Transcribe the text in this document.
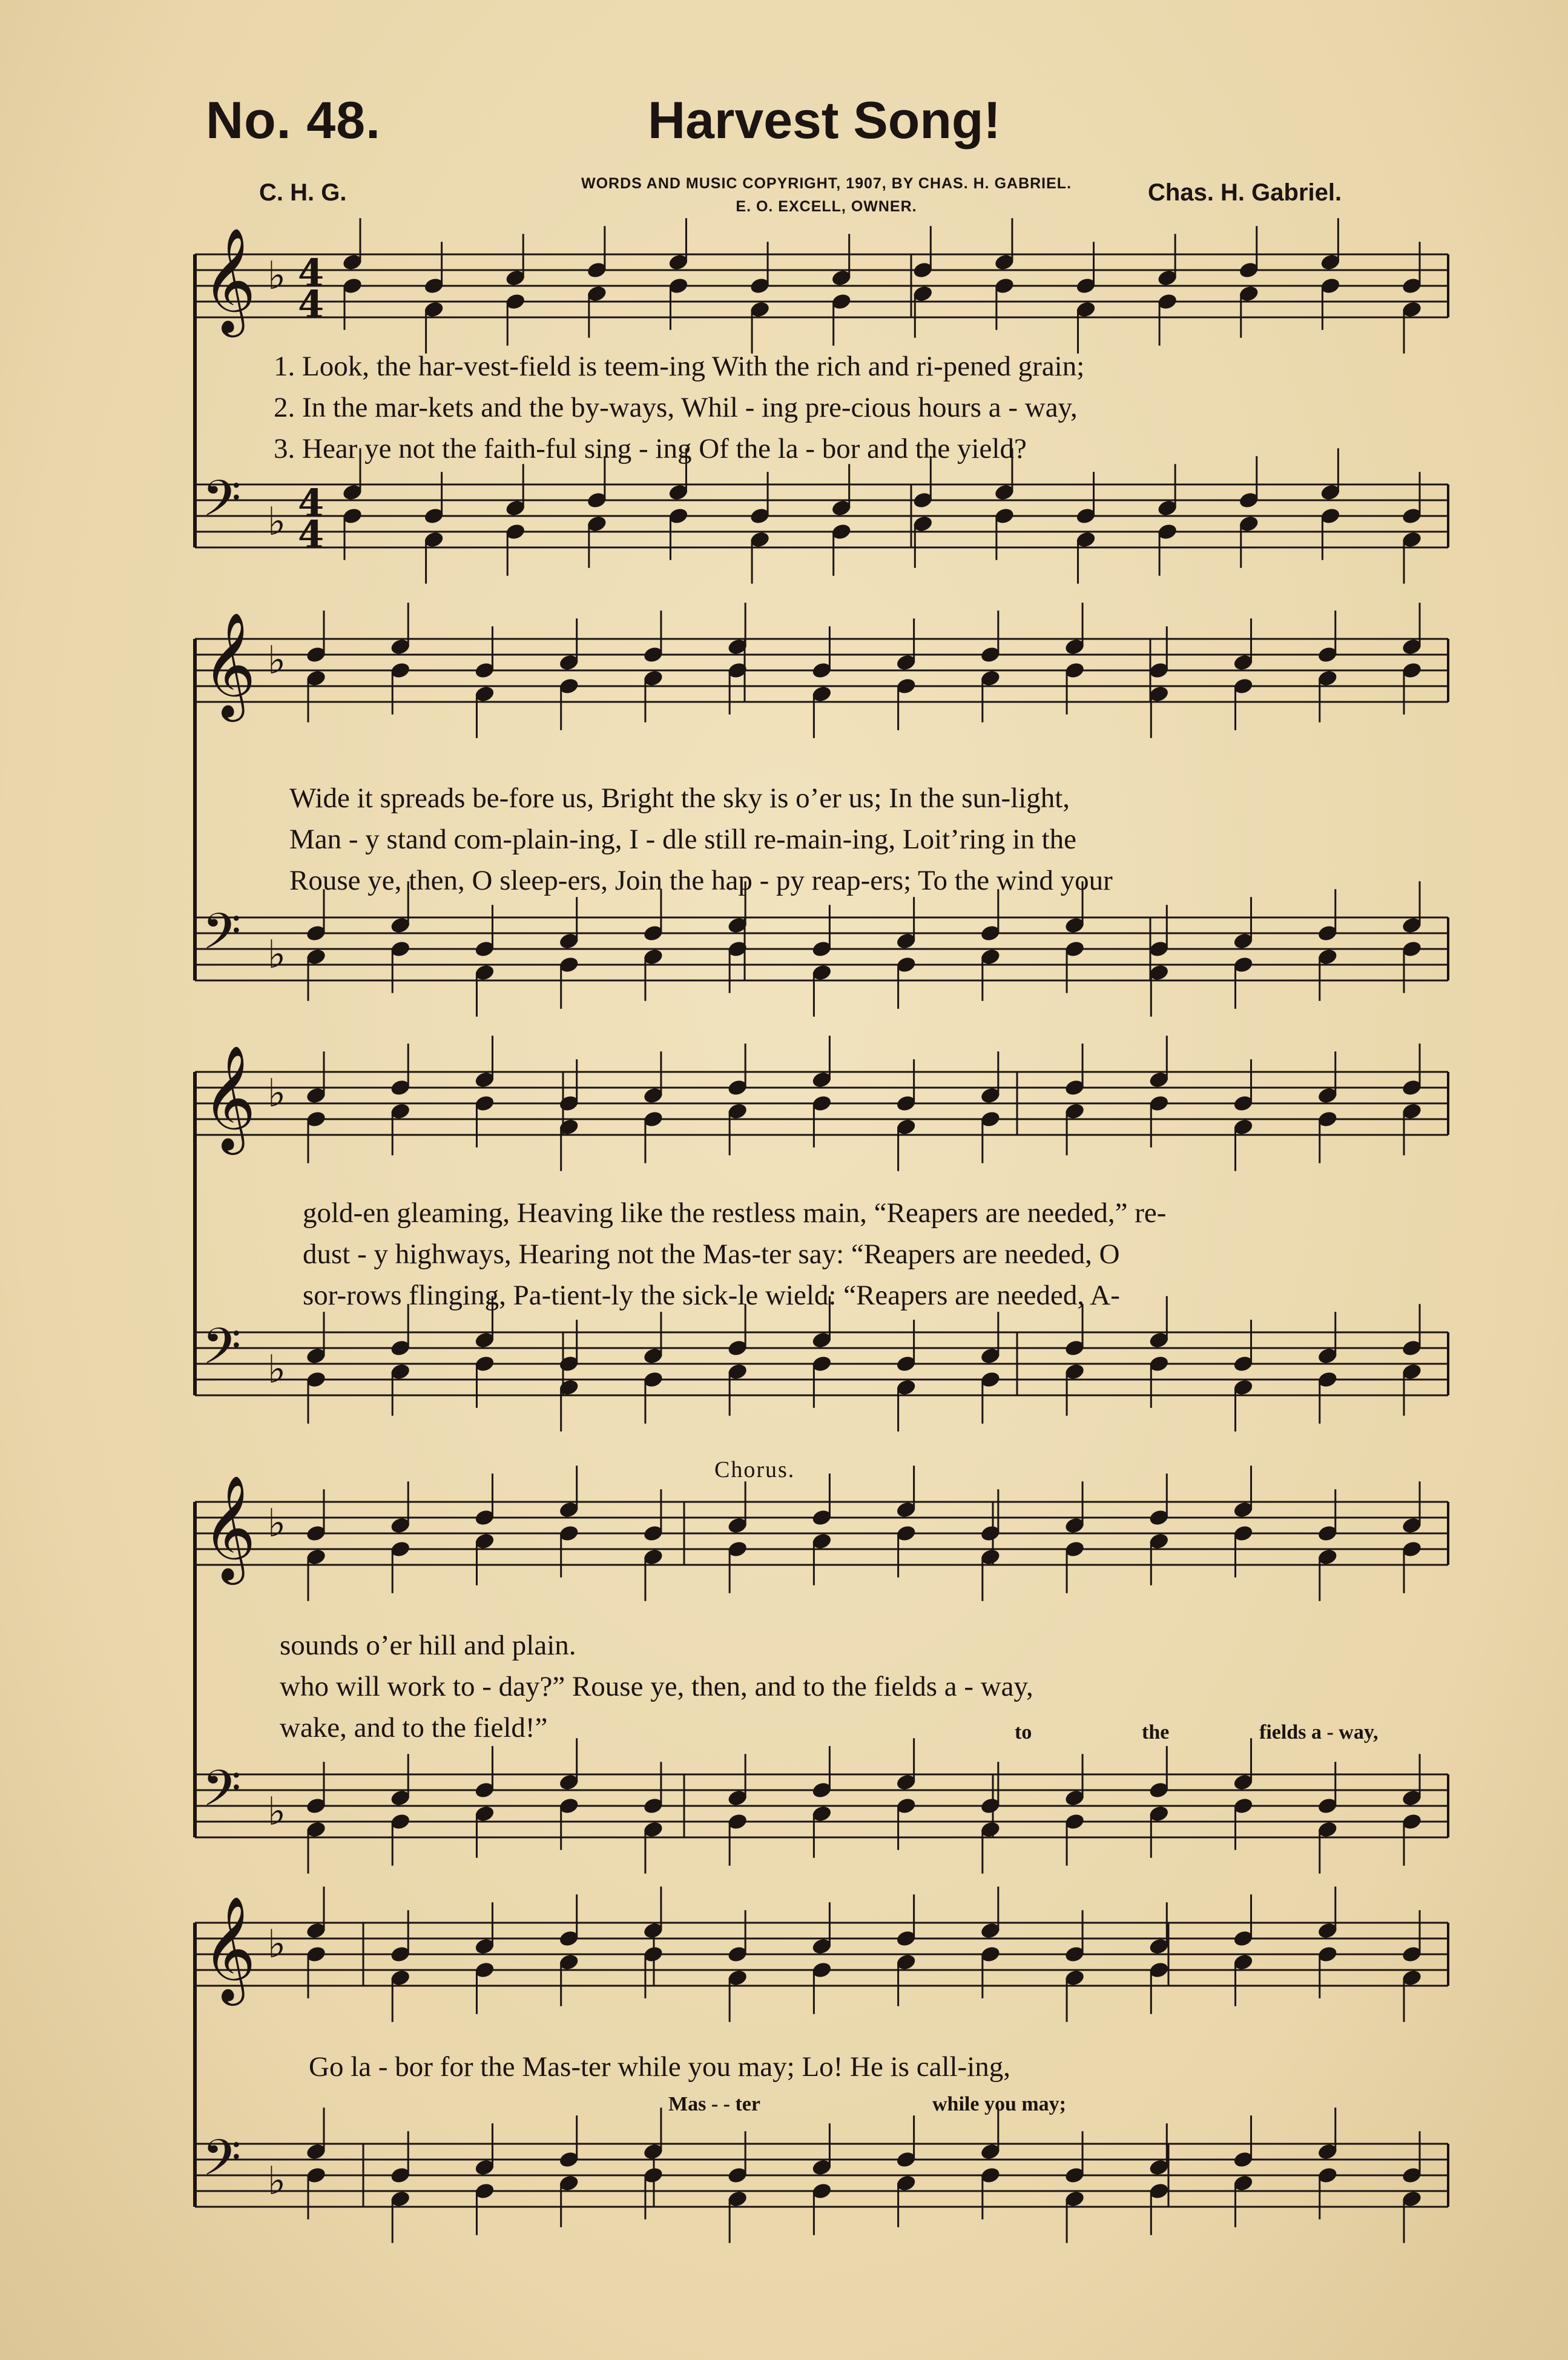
No. 48.	Harvest Song!
C. H. G.	WORDS AND MUSIC COPYRIGHT, 1907, BY CHAS. H. GABRIEL.
E. O. EXCELL, OWNER.
Chas. H. Gabriel.
𝄞 ♭ 4
4
𝄢 ♭ 4
4
𝄞 ♭
𝄢 ♭
𝄞 ♭
𝄢 ♭
𝄞 ♭
𝄢 ♭
𝄞 ♭
𝄢 ♭
1. Look, the har-vest-field is teem-ing With the rich and ri-pened grain;
2. In the mar-kets and the by-ways, Whil - ing pre-cious hours a - way,
3. Hear ye not the faith-ful sing - ing Of the la - bor and the yield?
Wide it spreads be-fore us, Bright the sky is o’er us; In the sun-light,
Man - y stand com-plain-ing, I - dle still re-main-ing, Loit’ring in the
Rouse ye, then, O sleep-ers, Join the hap - py reap-ers; To the wind your
gold-en gleaming, Heaving like the restless main, “Reapers are needed,” re-
dust - y highways, Hearing not the Mas-ter say: “Reapers are needed, O
sor-rows flinging, Pa-tient-ly the sick-le wield: “Reapers are needed, A-
Chorus.
sounds o’er hill and plain.
who will work to - day?” Rouse ye, then, and to the fields a - way,
wake, and to the field!”	to	the	fields a - way,
Go la - bor for the Mas-ter while you may; Lo! He is call-ing,
Mas - - ter	while you may;
